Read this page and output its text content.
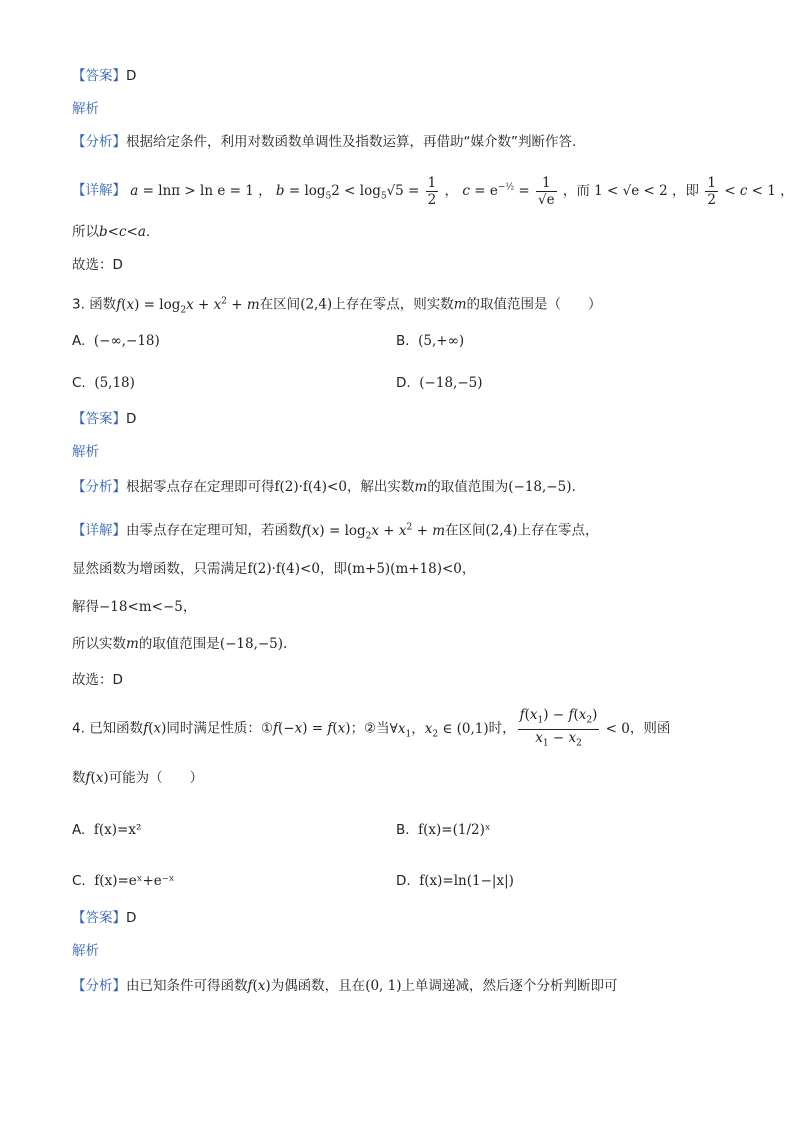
【答案】D
解析
【分析】根据给定条件，利用对数函数单调性及指数运算，再借助“媒介数”判断作答.
【详解】 a = lnπ > ln e = 1 ， $b = \log_52 < \log_5√5 = \frac{1}{2}$ ， $c = e^{-\frac{1}{2}} = \frac{1}{√e}$ ，而 1 < √e < 2 ，即 $\frac{1}{2} < c < 1$ ，
所以b<c<a.
故选：D
3. 函数$f(x) = \log_2x + x^2 + m$在区间(2,4)上存在零点，则实数m的取值范围是（　　）
A. (−∞,−18)	B. (5,+∞)
C. (5,18)	D. (−18,−5)
【答案】D
解析
【分析】根据零点存在定理即可得f(2)·f(4)<0，解出实数m的取值范围为(−18,−5).
【详解】由零点存在定理可知，若函数$f(x) = \log_2x + x^2 + m$在区间(2,4)上存在零点，
显然函数为增函数，只需满足f(2)·f(4)<0，即(m+5)(m+18)<0，
解得−18<m<−5，
所以实数m的取值范围是(−18,−5).
故选：D
4. 已知函数f(x)同时满足性质：①f(−x) = f(x)；②当$\forall x_1$，$x_2$ ∈ (0,1)时， $\frac{f(x_1) - f(x_2)}{x_1 - x_2} < 0$，则函
数f(x)可能为（　　）
A. f(x)=x²	B. f(x)=(1/2)ˣ
C. f(x)=eˣ+e⁻ˣ	D. f(x)=ln(1−|x|)
【答案】D
解析
【分析】由已知条件可得函数f(x)为偶函数，且在(0, 1)上单调递减，然后逐个分析判断即可
